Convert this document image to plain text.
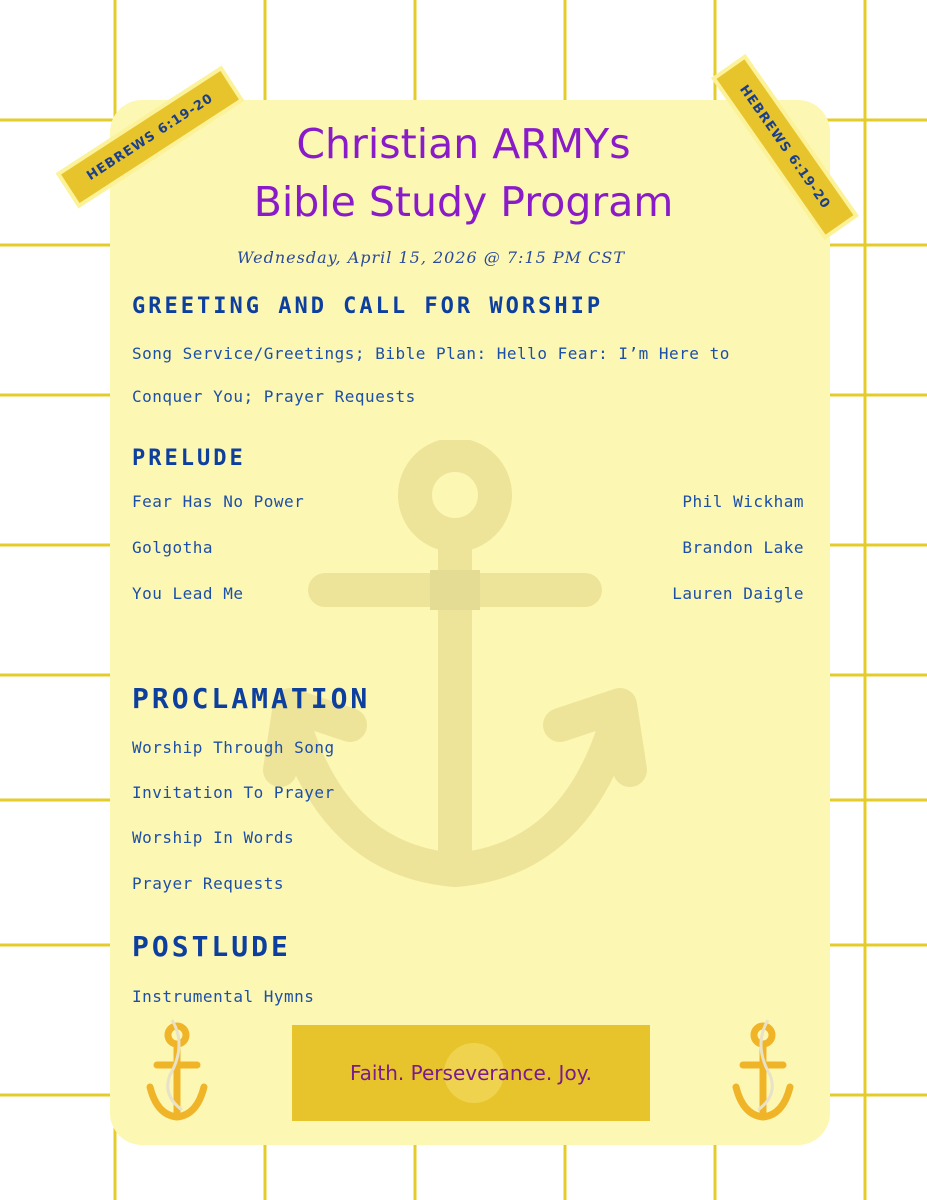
HEBREWS 6:19-20	HEBREWS 6:19-20
Christian ARMYs
Bible Study Program
Wednesday, April 15, 2026 @ 7:15 PM CST
GREETING AND CALL FOR WORSHIP
Song Service/Greetings; Bible Plan: Hello Fear: I’m Here to
Conquer You; Prayer Requests
PRELUDE
Fear Has No Power	Phil Wickham
Golgotha	Brandon Lake
You Lead Me	Lauren Daigle
PROCLAMATION
Worship Through Song
Invitation To Prayer
Worship In Words
Prayer Requests
POSTLUDE
Instrumental Hymns
Faith. Perseverance. Joy.
